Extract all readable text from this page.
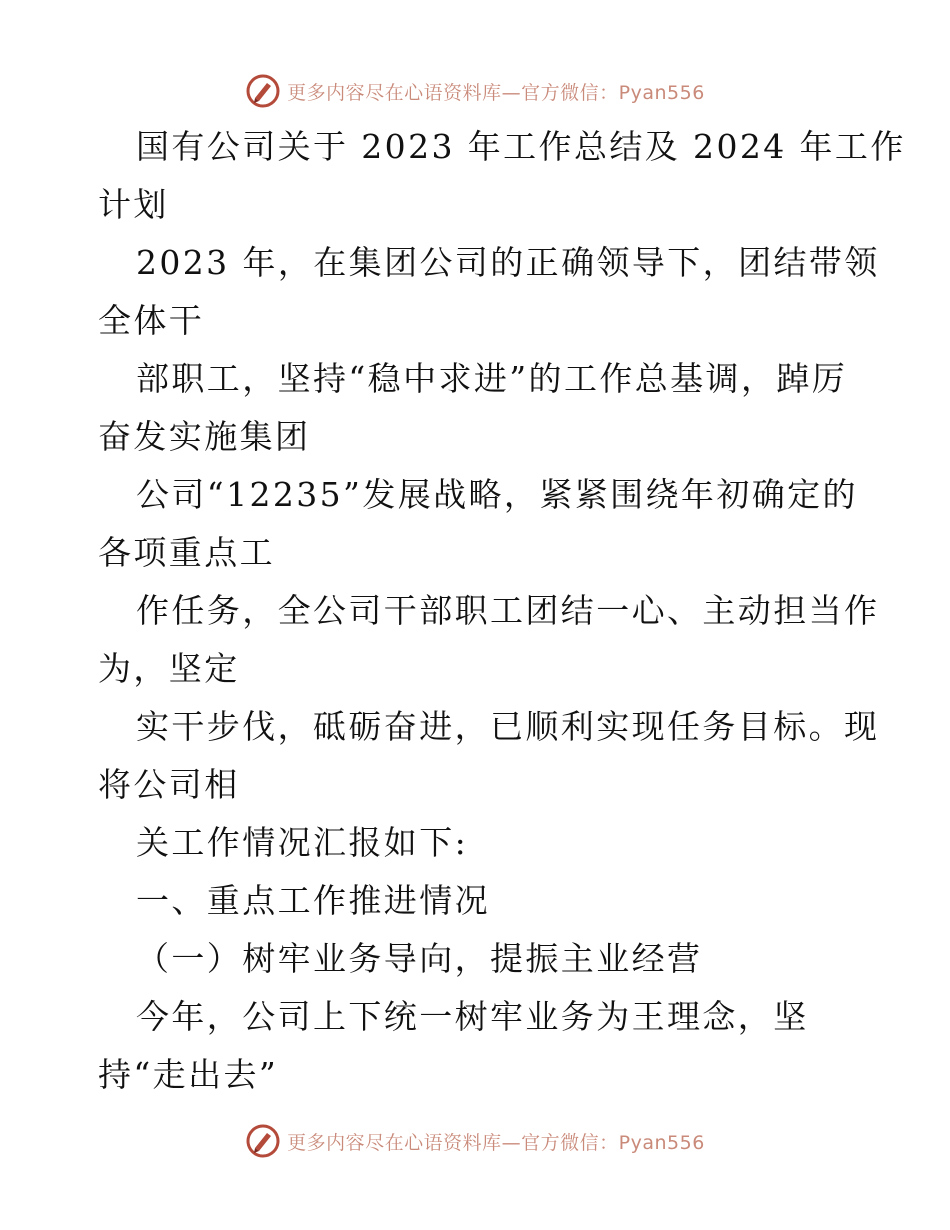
更多内容尽在心语资料库—官方微信：Pyan556
国有公司关于 2023 年工作总结及 2024 年工作
计划
2023 年，在集团公司的正确领导下，团结带领
全体干
部职工，坚持“稳中求进”的工作总基调，踔厉
奋发实施集团
公司“12235”发展战略，紧紧围绕年初确定的
各项重点工
作任务，全公司干部职工团结一心、主动担当作
为，坚定
实干步伐，砥砺奋进，已顺利实现任务目标。现
将公司相
关工作情况汇报如下:
一、重点工作推进情况
（一）树牢业务导向，提振主业经营
今年，公司上下统一树牢业务为王理念，坚
持“走出去”
更多内容尽在心语资料库—官方微信：Pyan556
